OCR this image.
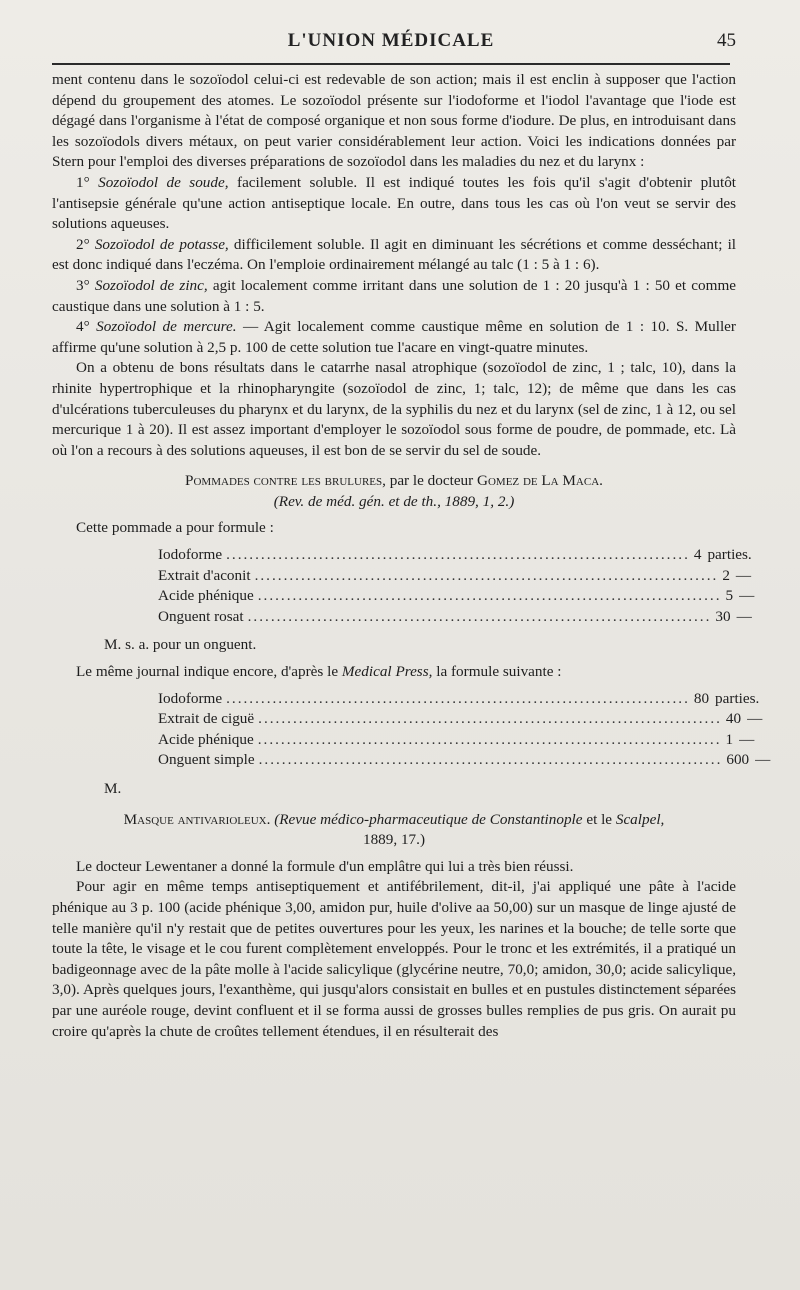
L'UNION MÉDICALE	45

ment contenu dans le sozoïodol celui-ci est redevable de son action; mais il est enclin à supposer que l'action dépend du groupement des atomes. Le sozoïodol présente sur l'iodoforme et l'iodol l'avantage que l'iode est dégagé dans l'organisme à l'état de composé organique et non sous forme d'iodure. De plus, en introduisant dans les sozoïodols divers métaux, on peut varier considérablement leur action. Voici les indications données par Stern pour l'emploi des diverses préparations de sozoïodol dans les maladies du nez et du larynx :

1° Sozoïodol de soude, facilement soluble. Il est indiqué toutes les fois qu'il s'agit d'obtenir plutôt l'antisepsie générale qu'une action antiseptique locale. En outre, dans tous les cas où l'on veut se servir des solutions aqueuses.

2° Sozoïodol de potasse, difficilement soluble. Il agit en diminuant les sécrétions et comme desséchant; il est donc indiqué dans l'eczéma. On l'emploie ordinairement mélangé au talc (1 : 5 à 1 : 6).

3° Sozoïodol de zinc, agit localement comme irritant dans une solution de 1 : 20 jusqu'à 1 : 50 et comme caustique dans une solution à 1 : 5.

4° Sozoïodol de mercure. — Agit localement comme caustique même en solution de 1 : 10. S. Muller affirme qu'une solution à 2,5 p. 100 de cette solution tue l'acare en vingt-quatre minutes.

On a obtenu de bons résultats dans le catarrhe nasal atrophique (sozoïodol de zinc, 1 ; talc, 10), dans la rhinite hypertrophique et la rhinopharyngite (sozoïodol de zinc, 1; talc, 12); de même que dans les cas d'ulcérations tuberculeuses du pharynx et du larynx, de la syphilis du nez et du larynx (sel de zinc, 1 à 12, ou sel mercurique 1 à 20). Il est assez important d'employer le sozoïodol sous forme de poudre, de pommade, etc. Là où l'on a recours à des solutions aqueuses, il est bon de se servir du sel de soude.

Pommades contre les brulures, par le docteur Gomez de La Maca.

(Rev. de méd. gén. et de th., 1889, 1, 2.)

Cette pommade a pour formule :

Iodoforme ................................................................................ 4 parties.
Extrait d'aconit ................................................................................ 2 —
Acide phénique ................................................................................ 5 —
Onguent rosat ................................................................................ 30 —

M. s. a. pour un onguent.

Le même journal indique encore, d'après le Medical Press, la formule suivante :

Iodoforme ................................................................................ 80 parties.
Extrait de ciguë ................................................................................ 40 —
Acide phénique ................................................................................ 1 —
Onguent simple ................................................................................ 600 —

M.

Masque antivarioleux. (Revue médico-pharmaceutique de Constantinople et le Scalpel,

1889, 17.)

Le docteur Lewentaner a donné la formule d'un emplâtre qui lui a très bien réussi.

Pour agir en même temps antiseptiquement et antifébrilement, dit-il, j'ai appliqué une pâte à l'acide phénique au 3 p. 100 (acide phénique 3,00, amidon pur, huile d'olive aa 50,00) sur un masque de linge ajusté de telle manière qu'il n'y restait que de petites ouvertures pour les yeux, les narines et la bouche; de telle sorte que toute la tête, le visage et le cou furent complètement enveloppés. Pour le tronc et les extrémités, il a pratiqué un badigeonnage avec de la pâte molle à l'acide salicylique (glycérine neutre, 70,0; amidon, 30,0; acide salicylique, 3,0). Après quelques jours, l'exanthème, qui jusqu'alors consistait en bulles et en pustules distinctement séparées par une auréole rouge, devint confluent et il se forma aussi de grosses bulles remplies de pus gris. On aurait pu croire qu'après la chute de croûtes tellement étendues, il en résulterait des
